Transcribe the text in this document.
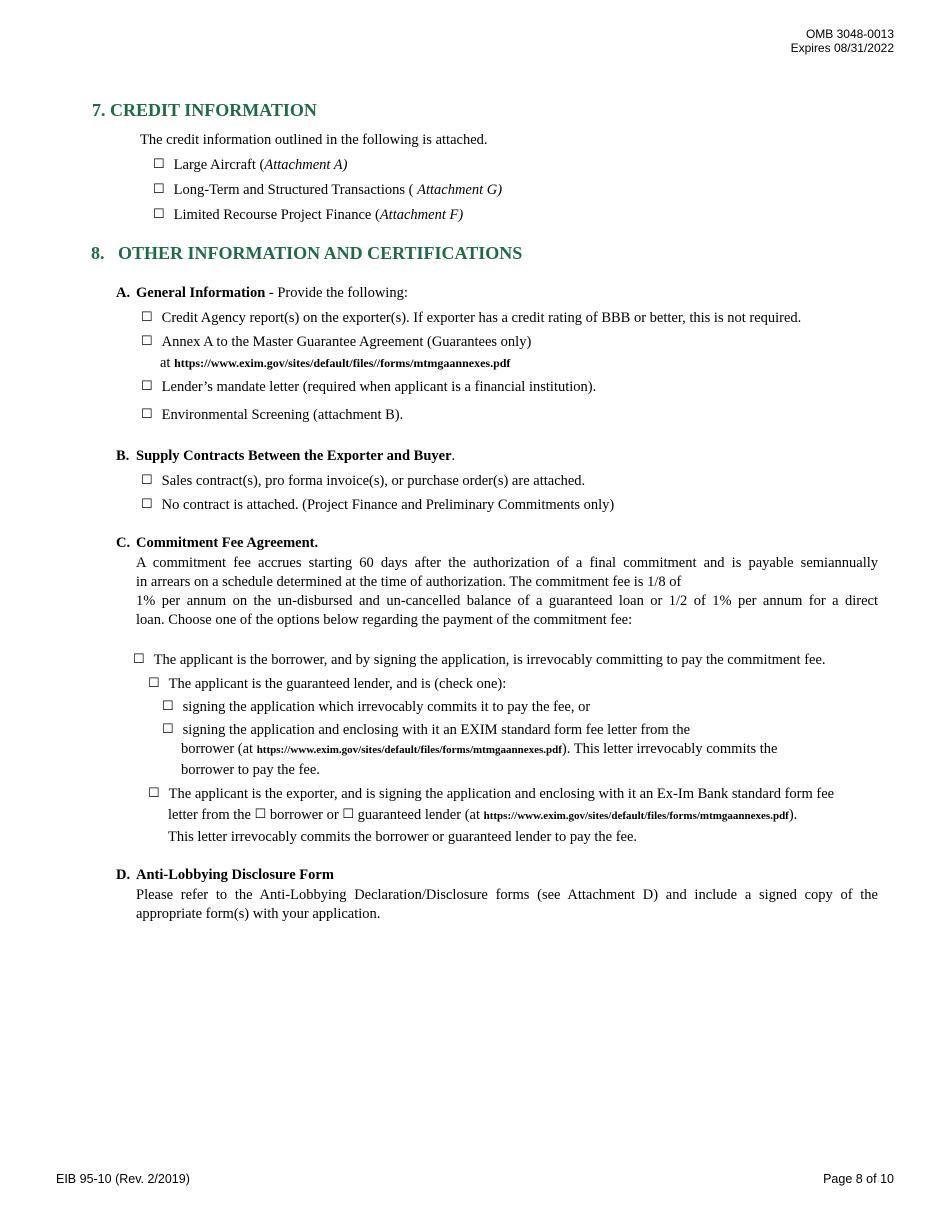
OMB 3048-0013
Expires 08/31/2022
7. CREDIT INFORMATION
The credit information outlined in the following is attached.
☐ Large Aircraft (Attachment A)
☐ Long-Term and Structured Transactions ( Attachment G)
☐ Limited Recourse Project Finance (Attachment F)
8. OTHER INFORMATION AND CERTIFICATIONS
A. General Information - Provide the following:
☐ Credit Agency report(s) on the exporter(s). If exporter has a credit rating of BBB or better, this is not required.
☐ Annex A to the Master Guarantee Agreement (Guarantees only)
at https://www.exim.gov/sites/default/files//forms/mtmgaannexes.pdf
☐ Lender’s mandate letter (required when applicant is a financial institution).
☐ Environmental Screening (attachment B).
B. Supply Contracts Between the Exporter and Buyer.
☐ Sales contract(s), pro forma invoice(s), or purchase order(s) are attached.
☐ No contract is attached. (Project Finance and Preliminary Commitments only)
C. Commitment Fee Agreement.
A commitment fee accrues starting 60 days after the authorization of a final commitment and is payable semiannually
in arrears on a schedule determined at the time of authorization. The commitment fee is 1/8 of
1% per annum on the un-disbursed and un-cancelled balance of a guaranteed loan or 1/2 of 1% per annum for a direct
loan. Choose one of the options below regarding the payment of the commitment fee:
☐ The applicant is the borrower, and by signing the application, is irrevocably committing to pay the commitment fee.
☐ The applicant is the guaranteed lender, and is (check one):
☐ signing the application which irrevocably commits it to pay the fee, or
☐ signing the application and enclosing with it an EXIM standard form fee letter from the
borrower (at https://www.exim.gov/sites/default/files/forms/mtmgaannexes.pdf). This letter irrevocably commits the
borrower to pay the fee.
☐ The applicant is the exporter, and is signing the application and enclosing with it an Ex-Im Bank standard form fee
letter from the ☐ borrower or ☐ guaranteed lender (at https://www.exim.gov/sites/default/files/forms/mtmgaannexes.pdf).
This letter irrevocably commits the borrower or guaranteed lender to pay the fee.
D. Anti-Lobbying Disclosure Form
Please refer to the Anti-Lobbying Declaration/Disclosure forms (see Attachment D) and include a signed copy of the
appropriate form(s) with your application.
EIB 95-10 (Rev. 2/2019)	Page 8 of 10
